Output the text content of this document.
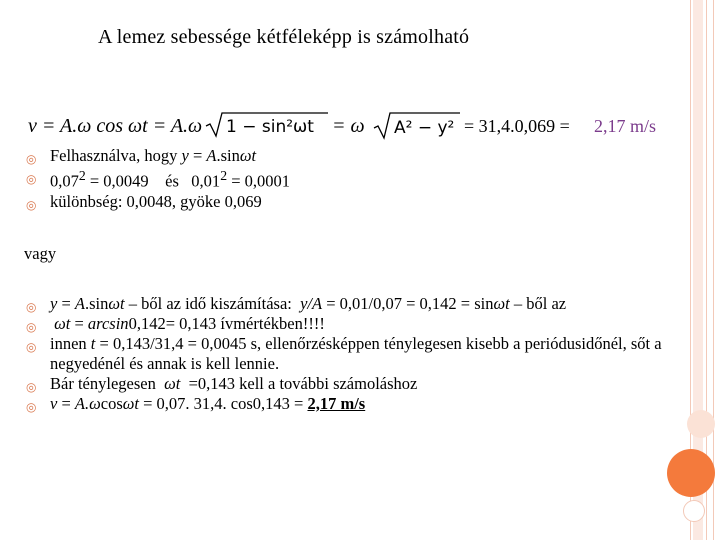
A lemez sebessége kétféleképp is számolható
v = A.ω cos ωt = A.ω 1 − sin²ωt = ω A² − y² = 31,4.0,069 = 2,17 m/s
◎ Felhasználva, hogy y = A.sinωt
◎ $0,07^2 = 0,0049$    és   $0,01^2 = 0,0001$
◎ különbség: 0,0048, gyöke 0,069
vagy
◎ y = A.sinωt – ből az idő kiszámítása:  y/A = 0,01/0,07 = 0,142 = sinωt – ből az
◎ ωt = arcsin0,142= 0,143 ívmértékben!!!!
◎ innen t = 0,143/31,4 = 0,0045 s, ellenőrzésképpen ténylegesen kisebb a periódusidőnél, sőt a negyedénél és annak is kell lennie.
◎ Bár ténylegesen  ωt  =0,143 kell a további számoláshoz
◎ v = A.ωcosωt = 0,07. 31,4. cos0,143 = 2,17 m/s
